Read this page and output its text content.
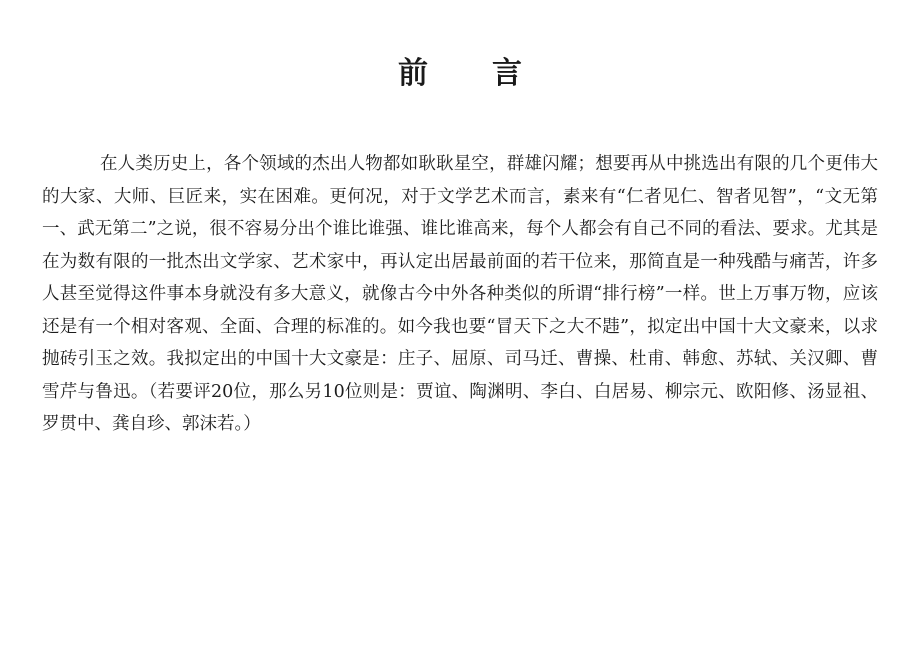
前言

在人类历史上，各个领域的杰出人物都如耿耿星空，群雄闪耀；想要再从中挑选出有限的几个更伟大的大家、大师、巨匠来，实在困难。更何况，对于文学艺术而言，素来有“仁者见仁、智者见智”，“文无第一、武无第二”之说，很不容易分出个谁比谁强、谁比谁高来，每个人都会有自己不同的看法、要求。尤其是在为数有限的一批杰出文学家、艺术家中，再认定出居最前面的若干位来，那简直是一种残酷与痛苦，许多人甚至觉得这件事本身就没有多大意义，就像古今中外各种类似的所谓“排行榜”一样。世上万事万物，应该还是有一个相对客观、全面、合理的标准的。如今我也要“冒天下之大不韪”，拟定出中国十大文豪来，以求抛砖引玉之效。我拟定出的中国十大文豪是：庄子、屈原、司马迁、曹操、杜甫、韩愈、苏轼、关汉卿、曹雪芹与鲁迅。（若要评20位，那么另10位则是：贾谊、陶渊明、李白、白居易、柳宗元、欧阳修、汤显祖、罗贯中、龚自珍、郭沫若。）
